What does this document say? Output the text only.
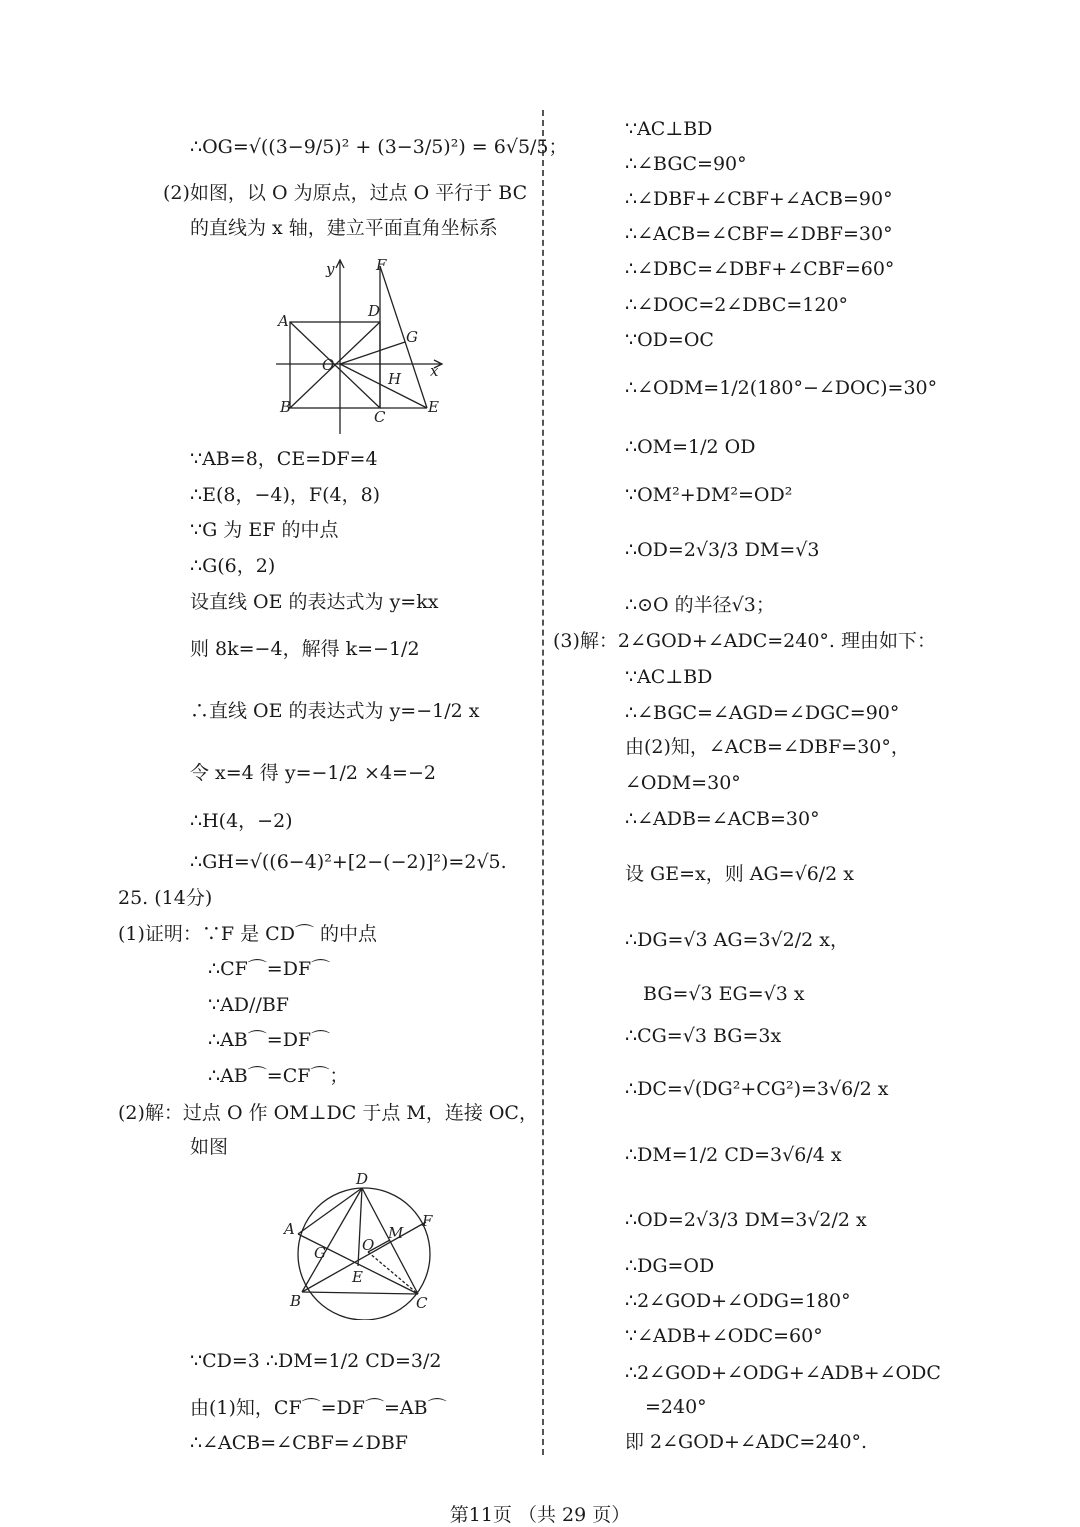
∴OG=√((3−9/5)² + (3−3/5)²) = 6√5/5；
(2)如图，以 O 为原点，过点 O 平行于 BC
的直线为 x 轴，建立平面直角坐标系
y	F
A
D
G
O
H x
B
C
E
∵AB=8，CE=DF=4
∴E(8，−4)，F(4，8)
∵G 为 EF 的中点
∴G(6，2)
设直线 OE 的表达式为 y=kx
则 8k=−4，解得 k=−1/2
∴直线 OE 的表达式为 y=−1/2 x
令 x=4 得 y=−1/2 ×4=−2
∴H(4，−2)
∴GH=√((6−4)²+[2−(−2)]²)=2√5.
25. (14分)
(1)证明：∵F 是 CD⌒ 的中点
∴CF⌒=DF⌒
∵AD//BF
∴AB⌒=DF⌒
∴AB⌒=CF⌒；
(2)解：过点 O 作 OM⊥DC 于点 M，连接 OC，
如图
D
A	M
F
G O
E
B	C
∵CD=3 ∴DM=1/2 CD=3/2
由(1)知，CF⌒=DF⌒=AB⌒
∴∠ACB=∠CBF=∠DBF
∵AC⊥BD
∴∠BGC=90°
∴∠DBF+∠CBF+∠ACB=90°
∴∠ACB=∠CBF=∠DBF=30°
∴∠DBC=∠DBF+∠CBF=60°
∴∠DOC=2∠DBC=120°
∵OD=OC
∴∠ODM=1/2(180°−∠DOC)=30°
∴OM=1/2 OD
∵OM²+DM²=OD²
∴OD=2√3/3 DM=√3
∴⊙O 的半径√3；
(3)解：2∠GOD+∠ADC=240°. 理由如下：
∵AC⊥BD
∴∠BGC=∠AGD=∠DGC=90°
由(2)知，∠ACB=∠DBF=30°，
∠ODM=30°
∴∠ADB=∠ACB=30°
设 GE=x，则 AG=√6/2 x
∴DG=√3 AG=3√2/2 x，
BG=√3 EG=√3 x
∴CG=√3 BG=3x
∴DC=√(DG²+CG²)=3√6/2 x
∴DM=1/2 CD=3√6/4 x
∴OD=2√3/3 DM=3√2/2 x
∴DG=OD
∴2∠GOD+∠ODG=180°
∵∠ADB+∠ODC=60°
∴2∠GOD+∠ODG+∠ADB+∠ODC
=240°
即 2∠GOD+∠ADC=240°.
第11页 （共 29 页）
